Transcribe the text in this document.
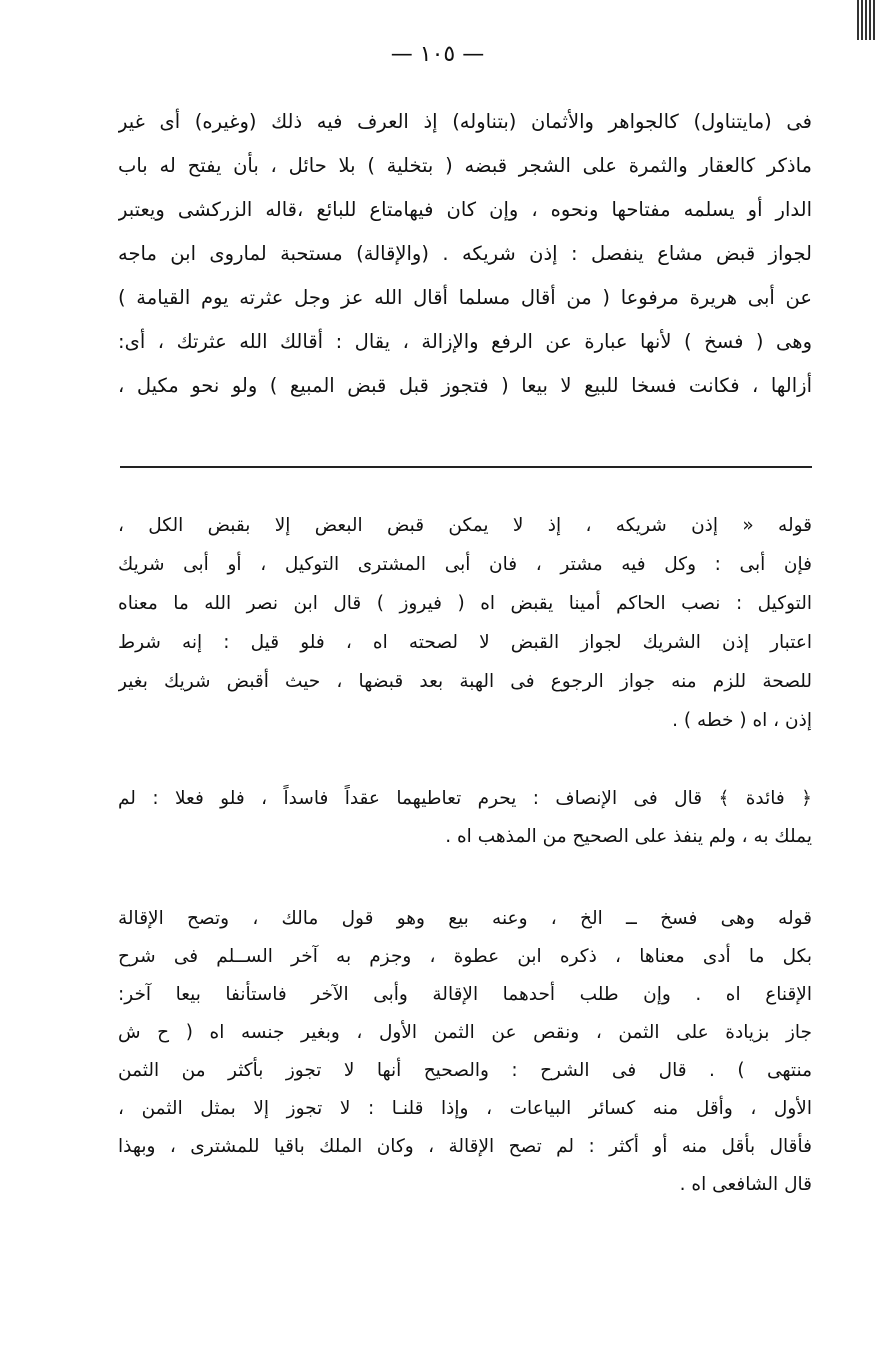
— ١٠٥ —
فى (مايتناول) كالجواهر والأثمان (بتناوله) إذ العرف فيه ذلك (وغيره) أى غير
ماذكر كالعقار والثمرة على الشجر قبضه ( بتخلية ) بلا حائل ، بأن يفتح له باب
الدار أو يسلمه مفتاحها ونحوه ، وإن كان فيهامتاع للبائع ،قاله الزركشى ويعتبر
لجواز قبض مشاع ينفصل : إذن شريكه . (والإقالة) مستحبة لماروى ابن ماجه
عن أبى هريرة مرفوعا ( من أقال مسلما أقال الله عز وجل عثرته يوم القيامة )
وهى ( فسخ ) لأنها عبارة عن الرفع والإزالة ، يقال : أقالك الله عثرتك ، أى:
أزالها ، فكانت فسخا للبيع لا بيعا ( فتجوز قبل قبض المبيع ) ولو نحو مكيل ،
قوله « إذن شريكه ، إذ لا يمكن قبض البعض إلا بقبض الكل ،
فإن أبى : وكل فيه مشتر ، فان أبى المشترى التوكيل ، أو أبى شريك
التوكيل : نصب الحاكم أمينا يقبض اه ( فيروز ) قال ابن نصر الله ما معناه
اعتبار إذن الشريك لجواز القبض لا لصحته اه ، فلو قيل : إنه شرط
للصحة للزم منه جواز الرجوع فى الهبة بعد قبضها ، حيث أقبض شريك بغير
إذن ، اه ( خطه ) .
﴿ فائدة ﴾ قال فى الإنصاف : يحرم تعاطيهما عقداً فاسداً ، فلو فعلا : لم
يملك به ، ولم ينفذ على الصحيح من المذهب اه .
قوله وهى فسخ ــ الخ ، وعنه بيع وهو قول مالك ، وتصح الإقالة
بكل ما أدى معناها ، ذكره ابن عطوة ، وجزم به آخر الســلم فى شرح
الإقناع اه . وإن طلب أحدهما الإقالة وأبى الآخر فاستأنفا بيعا آخر:
جاز بزيادة على الثمن ، ونقص عن الثمن الأول ، وبغير جنسه اه ( ح ش
منتهى ) . قال فى الشرح : والصحيح أنها لا تجوز بأكثر من الثمن
الأول ، وأقل منه كسائر البياعات ، وإذا قلنـا : لا تجوز إلا بمثل الثمن ،
فأقال بأقل منه أو أكثر : لم تصح الإقالة ، وكان الملك باقيا للمشترى ، وبهذا
قال الشافعى اه .
